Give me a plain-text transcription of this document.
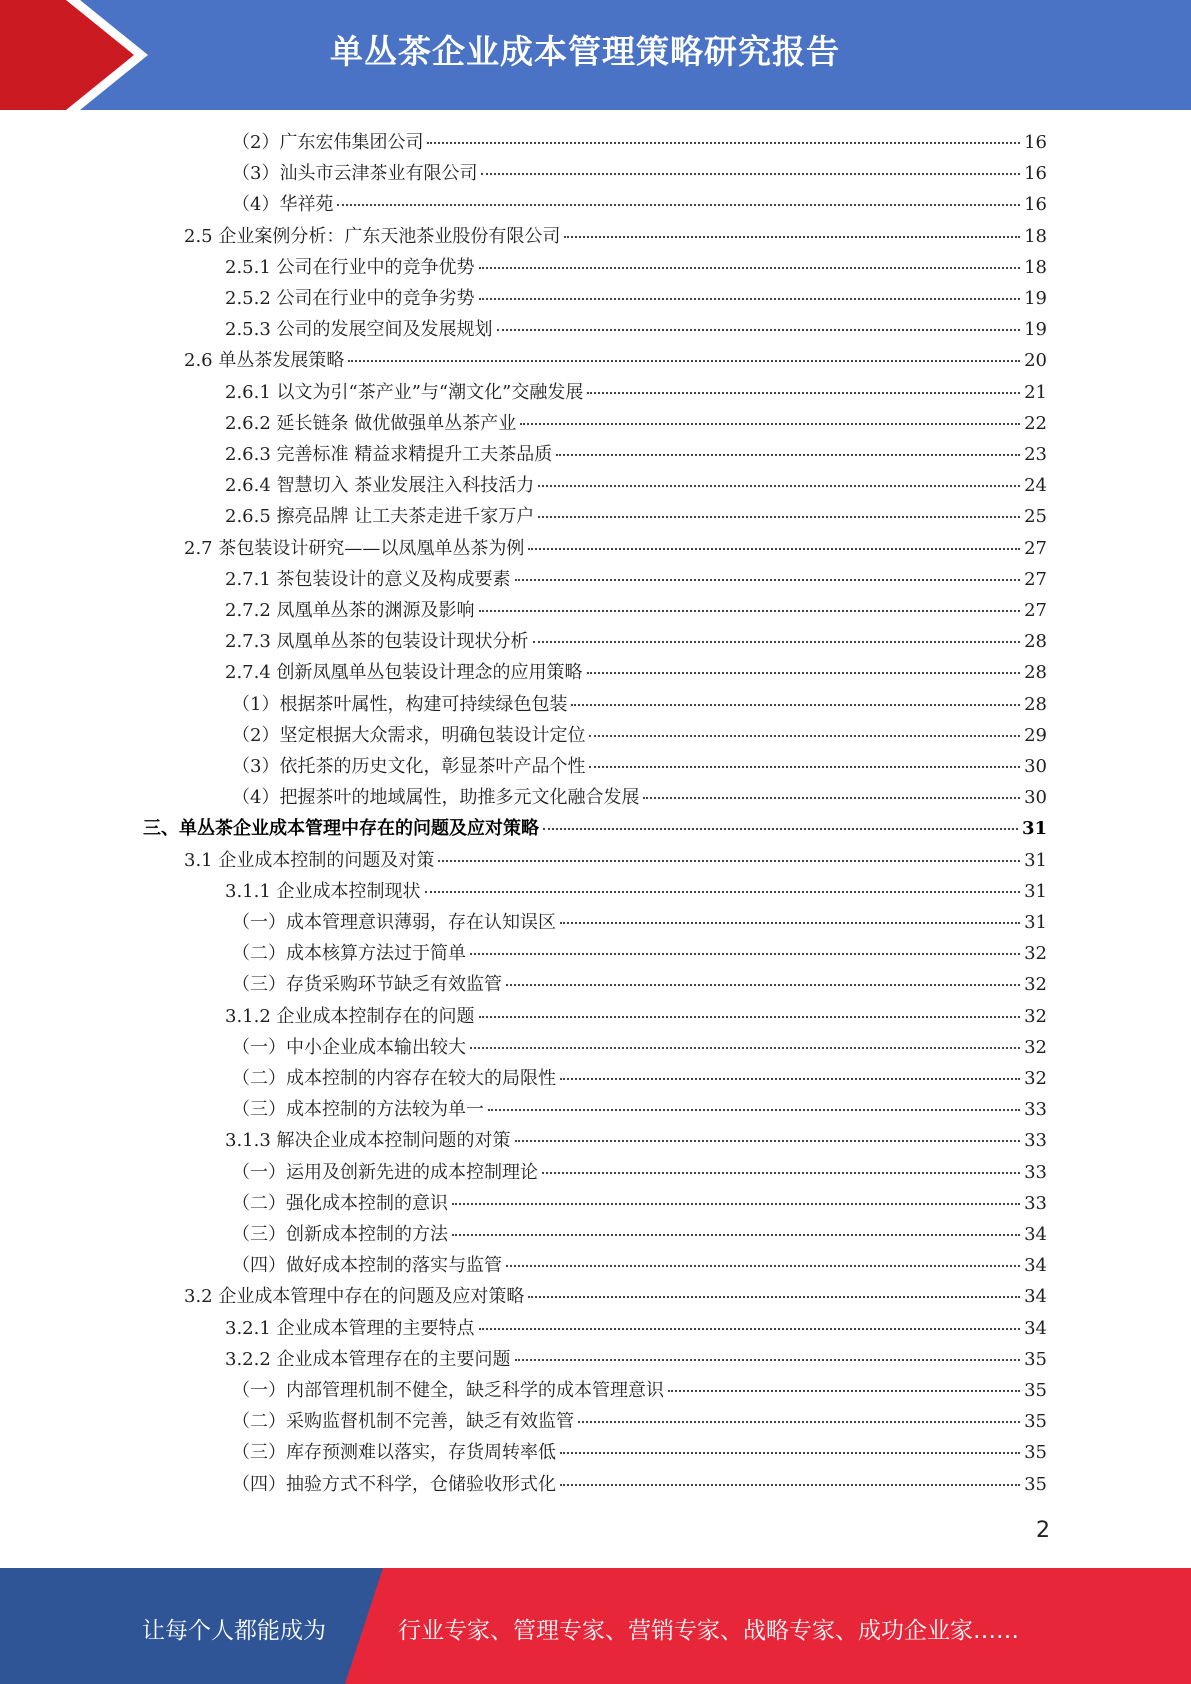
单丛茶企业成本管理策略研究报告
（2）广东宏伟集团公司	16
（3）汕头市云津茶业有限公司	16
（4）华祥苑	16
2.5 企业案例分析：广东天池茶业股份有限公司	18
2.5.1 公司在行业中的竞争优势	18
2.5.2 公司在行业中的竞争劣势	19
2.5.3 公司的发展空间及发展规划	19
2.6 单丛茶发展策略	20
2.6.1 以文为引“茶产业”与“潮文化”交融发展	21
2.6.2 延长链条 做优做强单丛茶产业	22
2.6.3 完善标准 精益求精提升工夫茶品质	23
2.6.4 智慧切入 茶业发展注入科技活力	24
2.6.5 擦亮品牌 让工夫茶走进千家万户	25
2.7 茶包装设计研究——以凤凰单丛茶为例	27
2.7.1 茶包装设计的意义及构成要素	27
2.7.2 凤凰单丛茶的渊源及影响	27
2.7.3 凤凰单丛茶的包装设计现状分析	28
2.7.4 创新凤凰单丛包装设计理念的应用策略	28
（1）根据茶叶属性，构建可持续绿色包装	28
（2）坚定根据大众需求，明确包装设计定位	29
（3）依托茶的历史文化，彰显茶叶产品个性	30
（4）把握茶叶的地域属性，助推多元文化融合发展	30
三、单丛茶企业成本管理中存在的问题及应对策略	31
3.1 企业成本控制的问题及对策	31
3.1.1 企业成本控制现状	31
（一）成本管理意识薄弱，存在认知误区	31
（二）成本核算方法过于简单	32
（三）存货采购环节缺乏有效监管	32
3.1.2 企业成本控制存在的问题	32
（一）中小企业成本输出较大	32
（二）成本控制的内容存在较大的局限性	32
（三）成本控制的方法较为单一	33
3.1.3 解决企业成本控制问题的对策	33
（一）运用及创新先进的成本控制理论	33
（二）强化成本控制的意识	33
（三）创新成本控制的方法	34
（四）做好成本控制的落实与监管	34
3.2 企业成本管理中存在的问题及应对策略	34
3.2.1 企业成本管理的主要特点	34
3.2.2 企业成本管理存在的主要问题	35
（一）内部管理机制不健全，缺乏科学的成本管理意识	35
（二）采购监督机制不完善，缺乏有效监管	35
（三）库存预测难以落实，存货周转率低	35
（四）抽验方式不科学，仓储验收形式化	35
2
让每个人都能成为	行业专家、管理专家、营销专家、战略专家、成功企业家……
